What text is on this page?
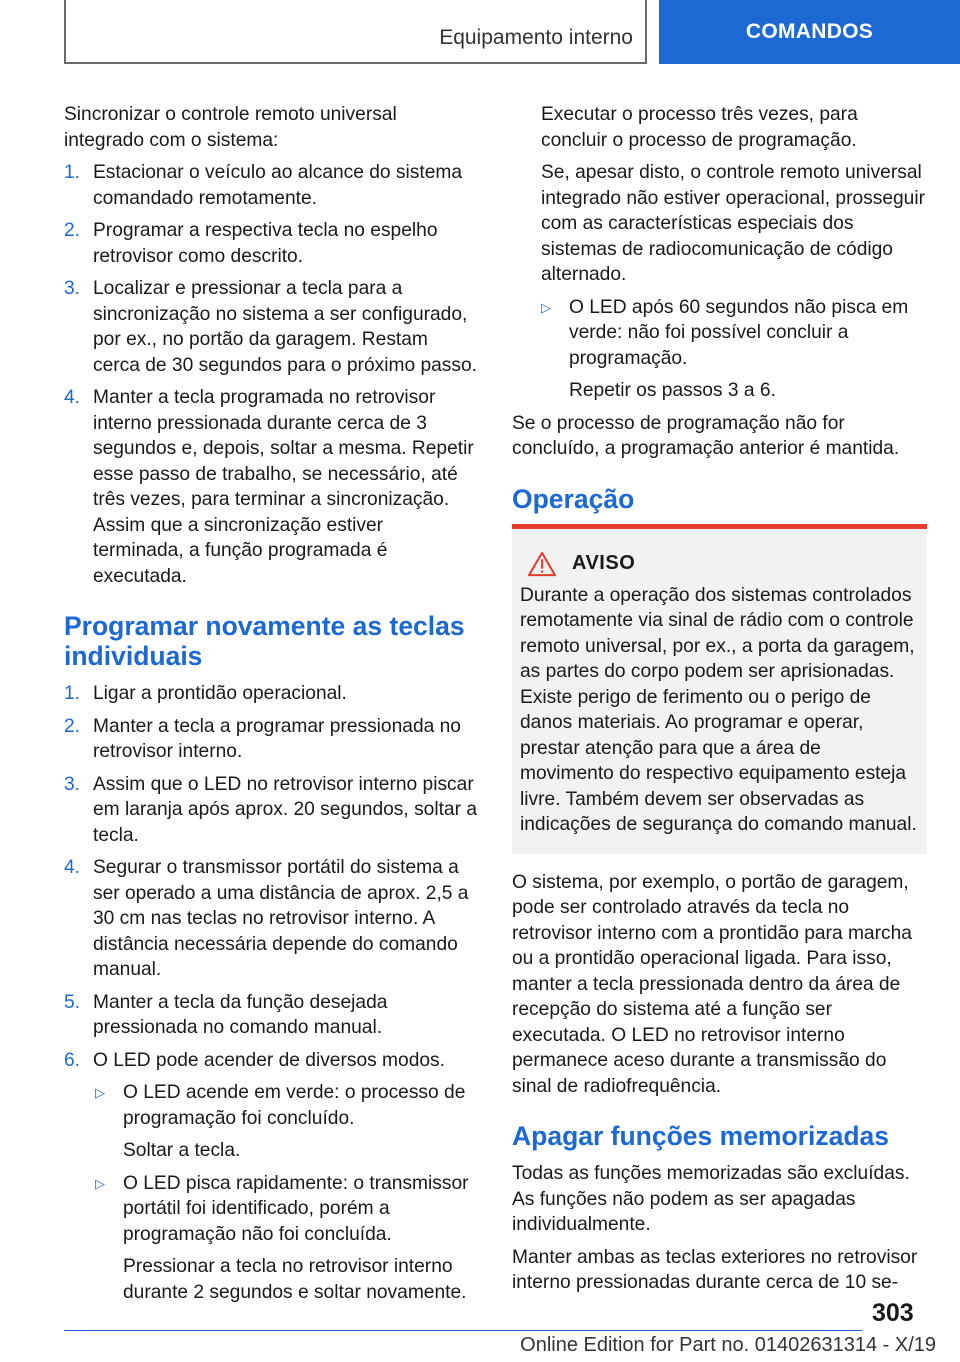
Equipamento interno	COMANDOS

Sincronizar o controle remoto universal integrado com o sistema:

1. Estacionar o veículo ao alcance do sistema comandado remotamente.
2. Programar a respectiva tecla no espelho retrovisor como descrito.
3. Localizar e pressionar a tecla para a sincronização no sistema a ser configurado, por ex., no portão da garagem. Restam cerca de 30 segundos para o próximo passo.
4. Manter a tecla programada no retrovisor interno pressionada durante cerca de 3 segundos e, depois, soltar a mesma. Repetir esse passo de trabalho, se necessário, até três vezes, para terminar a sincronização. Assim que a sincronização estiver terminada, a função programada é executada.
Programar novamente as teclas individuais
1. Ligar a prontidão operacional.
2. Manter a tecla a programar pressionada no retrovisor interno.
3. Assim que o LED no retrovisor interno piscar em laranja após aprox. 20 segundos, soltar a tecla.
4. Segurar o transmissor portátil do sistema a ser operado a uma distância de aprox. 2,5 a 30 cm nas teclas no retrovisor interno. A distância necessária depende do comando manual.
5. Manter a tecla da função desejada pressionada no comando manual.
6. O LED pode acender de diversos modos.
▷ O LED acende em verde: o processo de programação foi concluído.

Soltar a tecla.

▷ O LED pisca rapidamente: o transmissor portátil foi identificado, porém a programação não foi concluída.

Pressionar a tecla no retrovisor interno durante 2 segundos e soltar novamente.

Executar o processo três vezes, para concluir o processo de programação.

Se, apesar disto, o controle remoto universal integrado não estiver operacional, prosseguir com as características especiais dos sistemas de radiocomunicação de código alternado.

▷ O LED após 60 segundos não pisca em verde: não foi possível concluir a programação.

Repetir os passos 3 a 6.

Se o processo de programação não for concluído, a programação anterior é mantida.

Operação
AVISO

Durante a operação dos sistemas controlados remotamente via sinal de rádio com o controle remoto universal, por ex., a porta da garagem, as partes do corpo podem ser aprisionadas. Existe perigo de ferimento ou o perigo de danos materiais. Ao programar e operar, prestar atenção para que a área de movimento do respectivo equipamento esteja livre. Também devem ser observadas as indicações de segurança do comando manual.

O sistema, por exemplo, o portão de garagem, pode ser controlado através da tecla no retrovisor interno com a prontidão para marcha ou a prontidão operacional ligada. Para isso, manter a tecla pressionada dentro da área de recepção do sistema até a função ser executada. O LED no retrovisor interno permanece aceso durante a transmissão do sinal de radiofrequência.

Apagar funções memorizadas

Todas as funções memorizadas são excluídas. As funções não podem as ser apagadas individualmente.

Manter ambas as teclas exteriores no retrovisor interno pressionadas durante cerca de 10 se-

303
Online Edition for Part no. 01402631314 - X/19
